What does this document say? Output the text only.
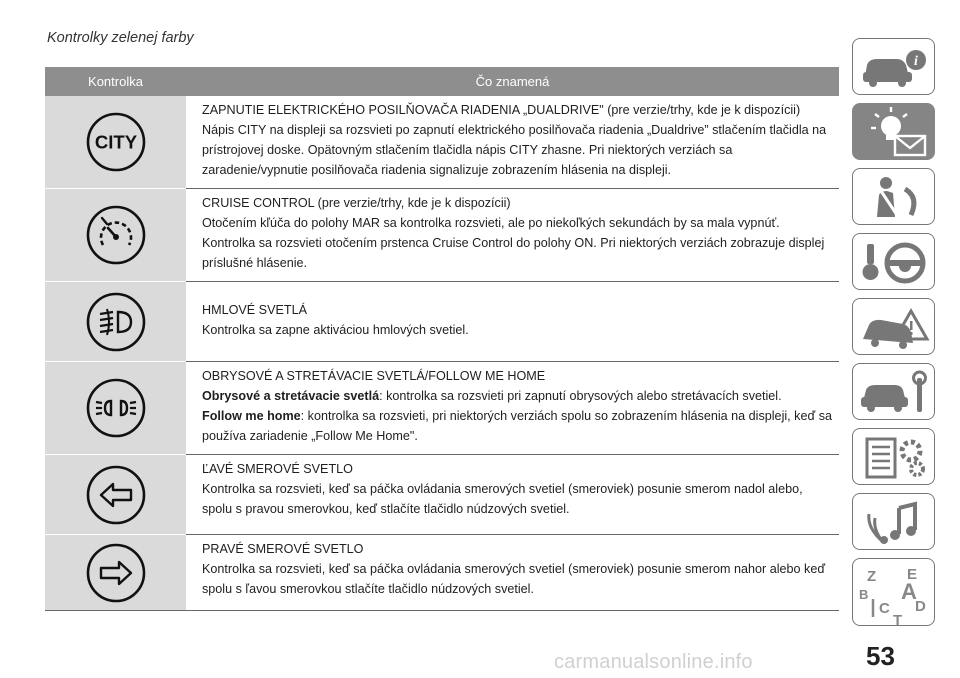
Kontrolky zelenej farby
Kontrolka	Čo znamená

CITY	ZAPNUTIE ELEKTRICKÉHO POSILŇOVAČA RIADENIA „DUALDRIVE" (pre verzie/trhy, kde je k dispozícii)
Nápis CITY na displeji sa rozsvieti po zapnutí elektrického posilňovača riadenia „Dualdrive” stlačením tlačidla na prístrojovej doske. Opätovným stlačením tlačidla nápis CITY zhasne. Pri niektorých verziách sa zaradenie/vypnutie posilňovača riadenia signalizuje zobrazením hlásenia na displeji.

CRUISE CONTROL (pre verzie/trhy, kde je k dispozícii)
Otočením kľúča do polohy MAR sa kontrolka rozsvieti, ale po niekoľkých sekundách by sa mala vypnúť. Kontrolka sa rozsvieti otočením prstenca Cruise Control do polohy ON. Pri niektorých verziách zobrazuje displej príslušné hlásenie.

HMLOVÉ SVETLÁ
Kontrolka sa zapne aktiváciou hmlových svetiel.

OBRYSOVÉ A STRETÁVACIE SVETLÁ/FOLLOW ME HOME
Obrysové a stretávacie svetlá: kontrolka sa rozsvieti pri zapnutí obrysových alebo stretávacích svetiel.
Follow me home: kontrolka sa rozsvieti, pri niektorých verziách spolu so zobrazením hlásenia na displeji, keď sa používa zariadenie „Follow Me Home".

ĽAVÉ SMEROVÉ SVETLO
Kontrolka sa rozsvieti, keď sa páčka ovládania smerových svetiel (smeroviek) posunie smerom nadol alebo, spolu s pravou smerovkou, keď stlačíte tlačidlo núdzových svetiel.

PRAVÉ SMEROVÉ SVETLO
Kontrolka sa rozsvieti, keď sa páčka ovládania smerových svetiel (smeroviek) posunie smerom nahor alebo keď spolu s ľavou smerovkou stlačíte tlačidlo núdzových svetiel.
i
Z E
B A
C D
T
carmanualsonline.info	53
